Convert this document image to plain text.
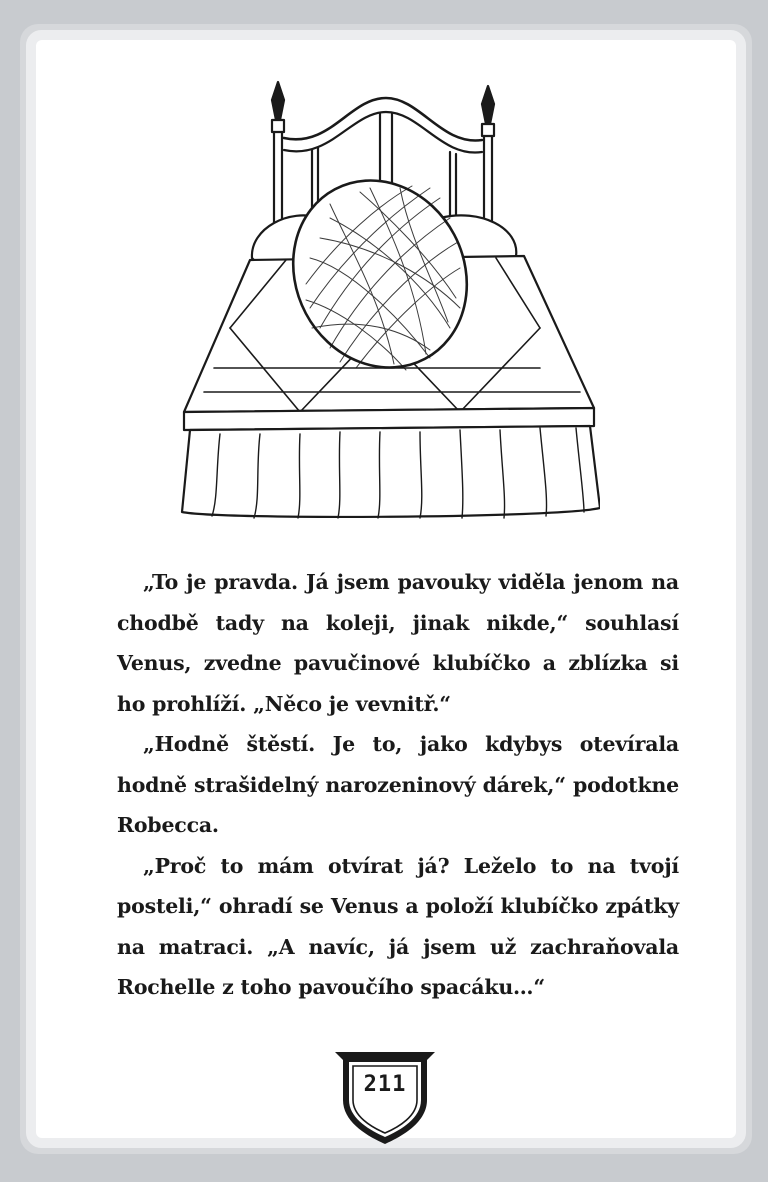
„To je pravda. Já jsem pavouky viděla jenom na chodbě tady na koleji, jinak nikde,“ souhlasí Venus, zvedne pavučinové klubíčko a zblízka si ho prohlíží. „Něco je vevnitř.“

„Hodně štěstí. Je to, jako kdybys otevírala hodně strašidelný narozeninový dárek,“ podotkne Robecca.

„Proč to mám otvírat já? Leželo to na tvojí posteli,“ ohradí se Venus a položí klubíčko zpátky na matraci. „A navíc, já jsem už zachraňovala Rochelle z toho pavoučího spacáku…“

211
